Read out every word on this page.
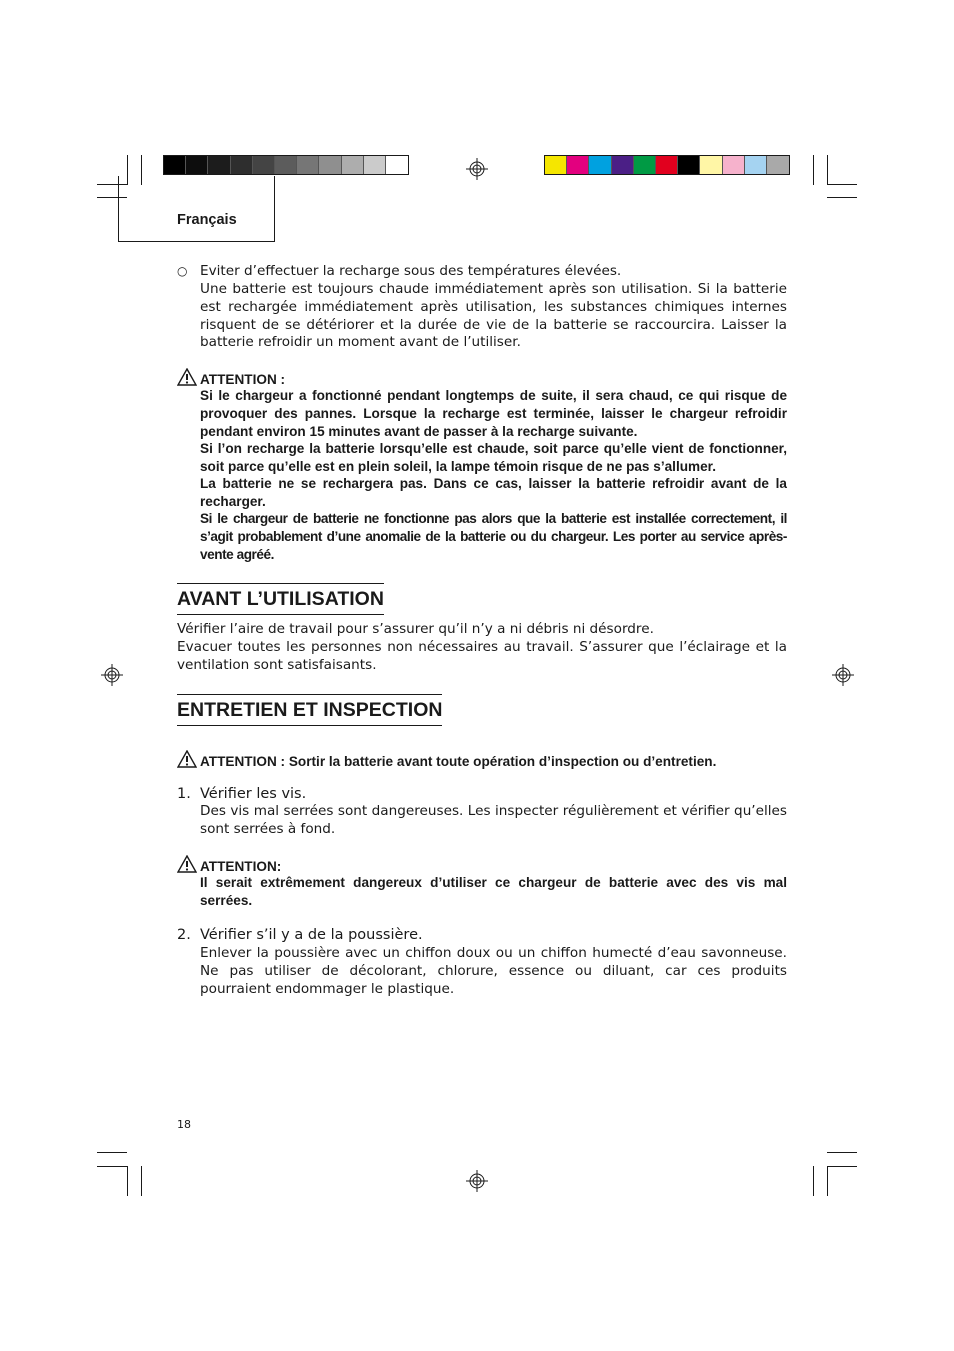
Français
○ Eviter d’effectuer la recharge sous des températures élevées.
Une batterie est toujours chaude immédiatement après son utilisation. Si la batterie est rechargée immédiatement après utilisation, les substances chimiques internes risquent de se détériorer et la durée de vie de la batterie se raccourcira. Laisser la batterie refroidir un moment avant de l’utiliser.
ATTENTION :
Si le chargeur a fonctionné pendant longtemps de suite, il sera chaud, ce qui risque de provoquer des pannes. Lorsque la recharge est terminée, laisser le chargeur refroidir pendant environ 15 minutes avant de passer à la recharge suivante.
Si l’on recharge la batterie lorsqu’elle est chaude, soit parce qu’elle vient de fonctionner, soit parce qu’elle est en plein soleil, la lampe témoin risque de ne pas s’allumer.
La batterie ne se rechargera pas. Dans ce cas, laisser la batterie refroidir avant de la recharger.
Si le chargeur de batterie ne fonctionne pas alors que la batterie est installée correctement, il s’agit probablement d’une anomalie de la batterie ou du chargeur. Les porter au service après-vente agréé.
AVANT L’UTILISATION
Vérifier l’aire de travail pour s’assurer qu’il n’y a ni débris ni désordre.
Evacuer toutes les personnes non nécessaires au travail. S’assurer que l’éclairage et la ventilation sont satisfaisants.
ENTRETIEN ET INSPECTION
ATTENTION : Sortir la batterie avant toute opération d’inspection ou d’entretien.
1. Vérifier les vis.
Des vis mal serrées sont dangereuses. Les inspecter régulièrement et vérifier qu’elles sont serrées à fond.
ATTENTION:
Il serait extrêmement dangereux d’utiliser ce chargeur de batterie avec des vis mal serrées.
2. Vérifier s’il y a de la poussière.
Enlever la poussière avec un chiffon doux ou un chiffon humecté d’eau savonneuse. Ne pas utiliser de décolorant, chlorure, essence ou diluant, car ces produits pourraient endommager le plastique.
18
